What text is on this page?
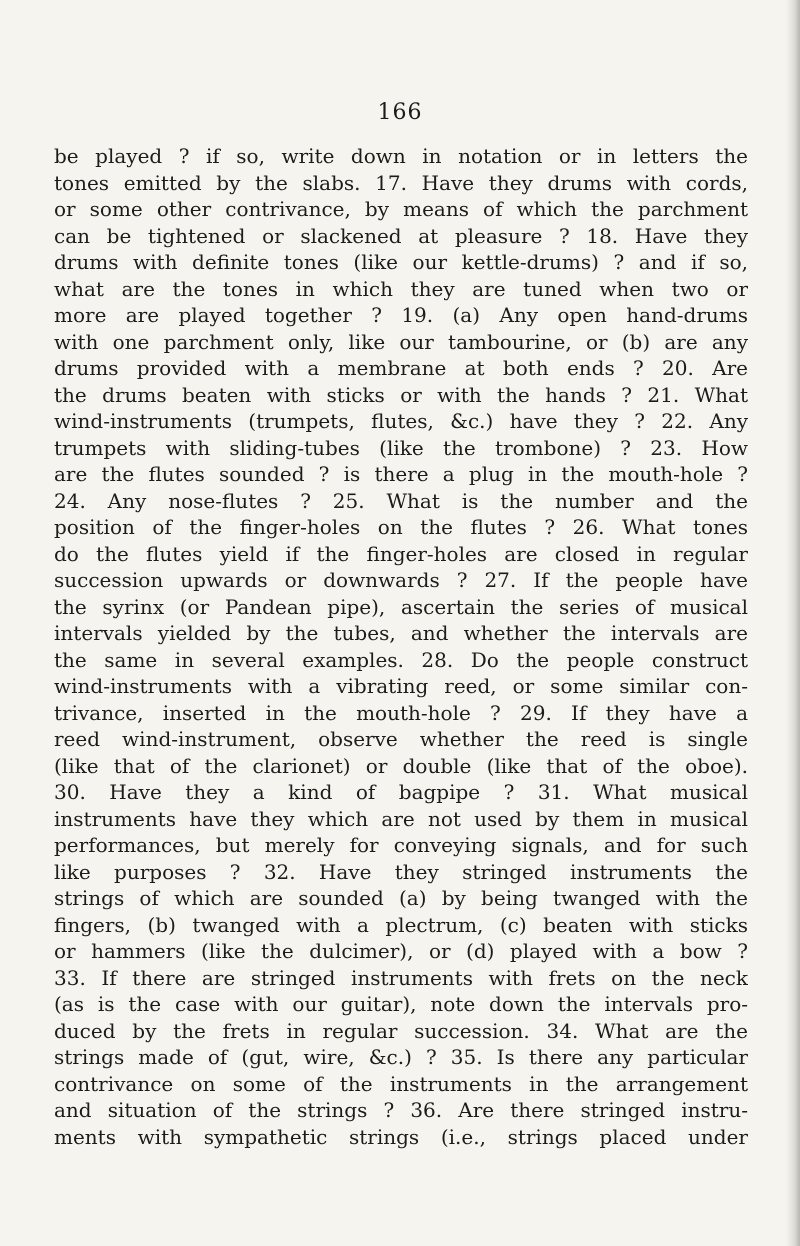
166
be played ? if so, write down in notation or in letters the
tones emitted by the slabs. 17. Have they drums with cords,
or some other contrivance, by means of which the parchment
can be tightened or slackened at pleasure ? 18. Have they
drums with definite tones (like our kettle-drums) ? and if so,
what are the tones in which they are tuned when two or
more are played together ? 19. (a) Any open hand-drums
with one parchment only, like our tambourine, or (b) are any
drums provided with a membrane at both ends ? 20. Are
the drums beaten with sticks or with the hands ? 21. What
wind-instruments (trumpets, flutes, &c.) have they ? 22. Any
trumpets with sliding-tubes (like the trombone) ? 23. How
are the flutes sounded ? is there a plug in the mouth-hole ?
24. Any nose-flutes ? 25. What is the number and the
position of the finger-holes on the flutes ? 26. What tones
do the flutes yield if the finger-holes are closed in regular
succession upwards or downwards ? 27. If the people have
the syrinx (or Pandean pipe), ascertain the series of musical
intervals yielded by the tubes, and whether the intervals are
the same in several examples. 28. Do the people construct
wind-instruments with a vibrating reed, or some similar con-
trivance, inserted in the mouth-hole ? 29. If they have a
reed wind-instrument, observe whether the reed is single
(like that of the clarionet) or double (like that of the oboe).
30. Have they a kind of bagpipe ? 31. What musical
instruments have they which are not used by them in musical
performances, but merely for conveying signals, and for such
like purposes ? 32. Have they stringed instruments the
strings of which are sounded (a) by being twanged with the
fingers, (b) twanged with a plectrum, (c) beaten with sticks
or hammers (like the dulcimer), or (d) played with a bow ?
33. If there are stringed instruments with frets on the neck
(as is the case with our guitar), note down the intervals pro-
duced by the frets in regular succession. 34. What are the
strings made of (gut, wire, &c.) ? 35. Is there any particular
contrivance on some of the instruments in the arrangement
and situation of the strings ? 36. Are there stringed instru-
ments with sympathetic strings (i.e., strings placed under
